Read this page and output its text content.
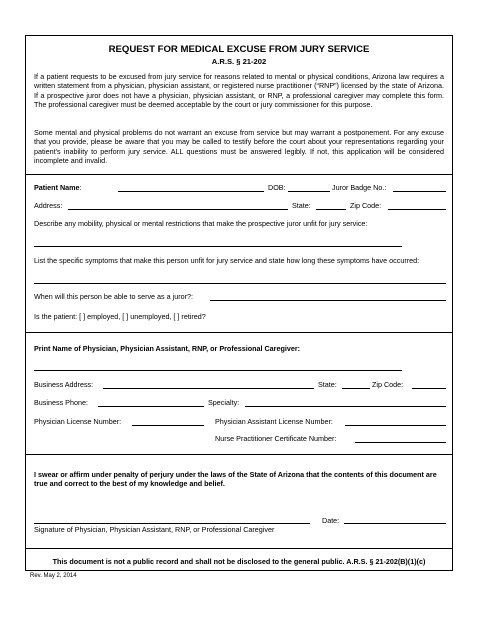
REQUEST FOR MEDICAL EXCUSE FROM JURY SERVICE
A.R.S. § 21-202
If a patient requests to be excused from jury service for reasons related to mental or physical conditions, Arizona law requires a written statement from a physician, physician assistant, or registered nurse practitioner (“RNP”) licensed by the state of Arizona. If a prospective juror does not have a physician, physician assistant, or RNP, a professional caregiver may complete this form. The professional caregiver must be deemed acceptable by the court or jury commissioner for this purpose.
Some mental and physical problems do not warrant an excuse from service but may warrant a postponement. For any excuse that you provide, please be aware that you may be called to testify before the court about your representations regarding your patient’s inability to perform jury service. ALL questions must be answered legibly. If not, this application will be considered incomplete and invalid.
Patient Name:	DOB:	Juror Badge No.:
Address:	State:	Zip Code:
Describe any mobility, physical or mental restrictions that make the prospective juror unfit for jury service:
List the specific symptoms that make this person unfit for jury service and state how long these symptoms have occurred:
When will this person be able to serve as a juror?:
Is the patient: [ ] employed, [ ] unemployed, [ ] retired?
Print Name of Physician, Physician Assistant, RNP, or Professional Caregiver:
Business Address:	State:	Zip Code:
Business Phone:	Specialty:
Physician License Number:	Physician Assistant License Number:
Nurse Practitioner Certificate Number:
I swear or affirm under penalty of perjury under the laws of the State of Arizona that the contents of this document are true and correct to the best of my knowledge and belief.
Signature of Physician, Physician Assistant, RNP, or Professional Caregiver
Date:
This document is not a public record and shall not be disclosed to the general public. A.R.S. § 21-202(B)(1)(c)
Rev. May 2, 2014
